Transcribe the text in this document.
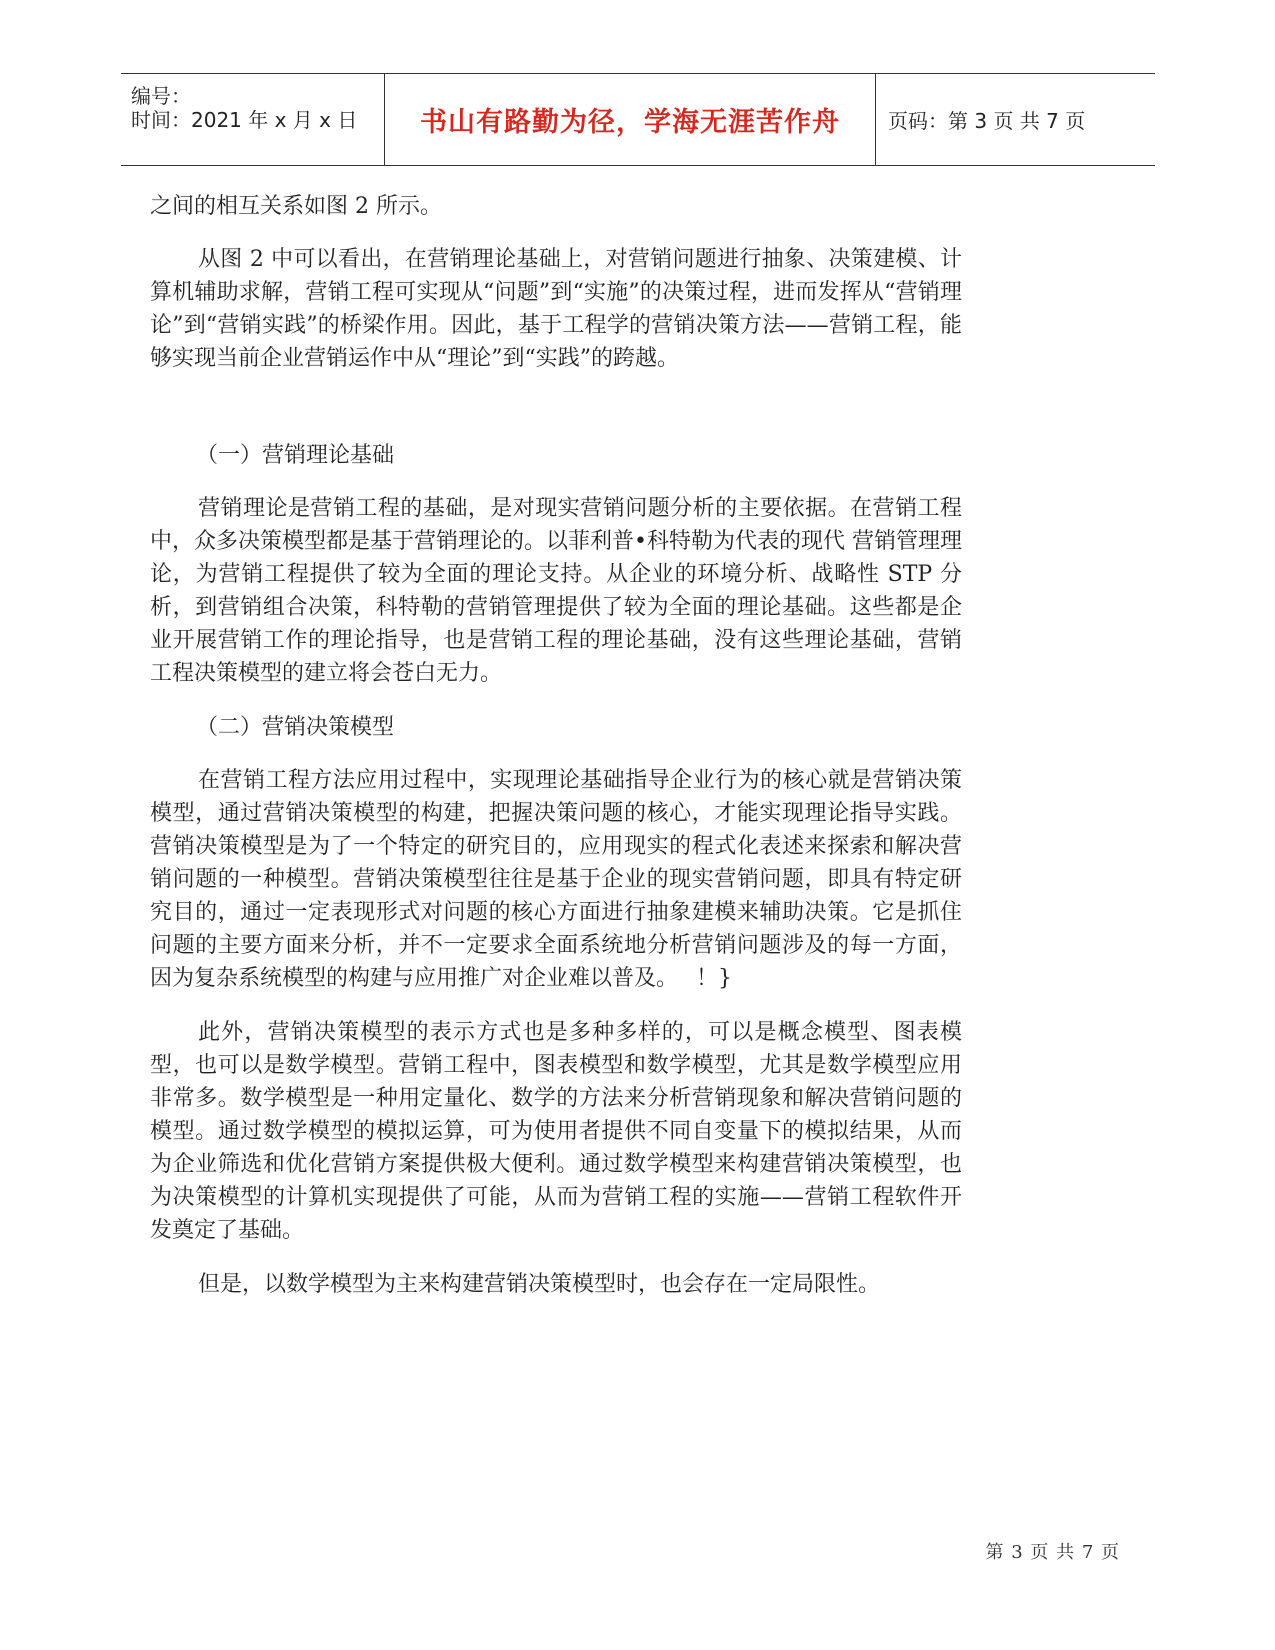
编号：
时间：2021 年 x 月 x 日 书山有路勤为径，学海无涯苦作舟 页码：第 3 页 共 7 页

之间的相互关系如图 2 所示。

从图 2 中可以看出，在营销理论基础上，对营销问题进行抽象、决策建模、计算机辅助求解，营销工程可实现从“问题”到“实施”的决策过程，进而发挥从“营销理论”到“营销实践”的桥梁作用。因此，基于工程学的营销决策方法——营销工程，能够实现当前企业营销运作中从“理论”到“实践”的跨越。

（一）营销理论基础

营销理论是营销工程的基础，是对现实营销问题分析的主要依据。在营销工程中，众多决策模型都是基于营销理论的。以菲利普•科特勒为代表的现代 营销管理理论，为营销工程提供了较为全面的理论支持。从企业的环境分析、战略性 STP 分析，到营销组合决策，科特勒的营销管理提供了较为全面的理论基础。这些都是企业开展营销工作的理论指导，也是营销工程的理论基础，没有这些理论基础，营销工程决策模型的建立将会苍白无力。

（二）营销决策模型

在营销工程方法应用过程中，实现理论基础指导企业行为的核心就是营销决策模型，通过营销决策模型的构建，把握决策问题的核心，才能实现理论指导实践。营销决策模型是为了一个特定的研究目的，应用现实的程式化表述来探索和解决营销问题的一种模型。营销决策模型往往是基于企业的现实营销问题，即具有特定研究目的，通过一定表现形式对问题的核心方面进行抽象建模来辅助决策。它是抓住问题的主要方面来分析，并不一定要求全面系统地分析营销问题涉及的每一方面，因为复杂系统模型的构建与应用推广对企业难以普及。　 ！}

此外，营销决策模型的表示方式也是多种多样的，可以是概念模型、图表模型，也可以是数学模型。营销工程中，图表模型和数学模型，尤其是数学模型应用非常多。数学模型是一种用定量化、数学的方法来分析营销现象和解决营销问题的模型。通过数学模型的模拟运算，可为使用者提供不同自变量下的模拟结果，从而为企业筛选和优化营销方案提供极大便利。通过数学模型来构建营销决策模型，也为决策模型的计算机实现提供了可能，从而为营销工程的实施——营销工程软件开发奠定了基础。

但是，以数学模型为主来构建营销决策模型时，也会存在一定局限性。

第 3 页 共 7 页
